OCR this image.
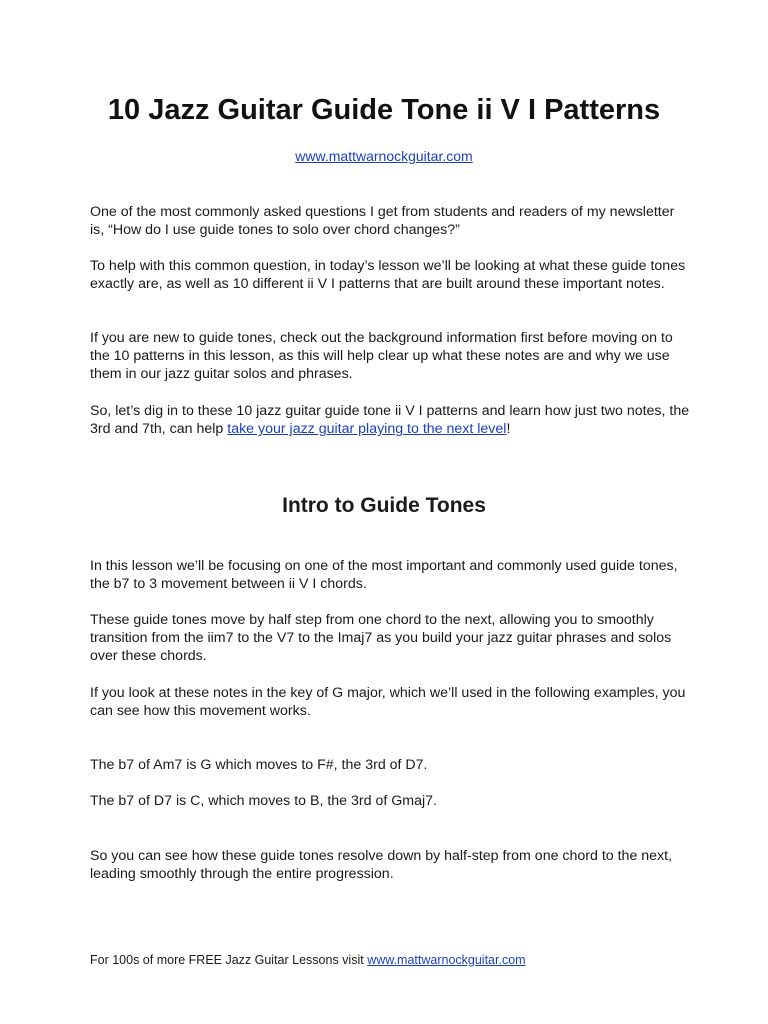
10 Jazz Guitar Guide Tone ii V I Patterns
www.mattwarnockguitar.com

One of the most commonly asked questions I get from students and readers of my newsletter is, “How do I use guide tones to solo over chord changes?”

To help with this common question, in today’s lesson we’ll be looking at what these guide tones exactly are, as well as 10 different ii V I patterns that are built around these important notes.

If you are new to guide tones, check out the background information first before moving on to the 10 patterns in this lesson, as this will help clear up what these notes are and why we use them in our jazz guitar solos and phrases.

So, let’s dig in to these 10 jazz guitar guide tone ii V I patterns and learn how just two notes, the 3rd and 7th, can help take your jazz guitar playing to the next level!

Intro to Guide Tones

In this lesson we’ll be focusing on one of the most important and commonly used guide tones, the b7 to 3 movement between ii V I chords.

These guide tones move by half step from one chord to the next, allowing you to smoothly transition from the iim7 to the V7 to the Imaj7 as you build your jazz guitar phrases and solos over these chords.

If you look at these notes in the key of G major, which we’ll used in the following examples, you can see how this movement works.

The b7 of Am7 is G which moves to F#, the 3rd of D7.

The b7 of D7 is C, which moves to B, the 3rd of Gmaj7.

So you can see how these guide tones resolve down by half-step from one chord to the next, leading smoothly through the entire progression.

For 100s of more FREE Jazz Guitar Lessons visit www.mattwarnockguitar.com
